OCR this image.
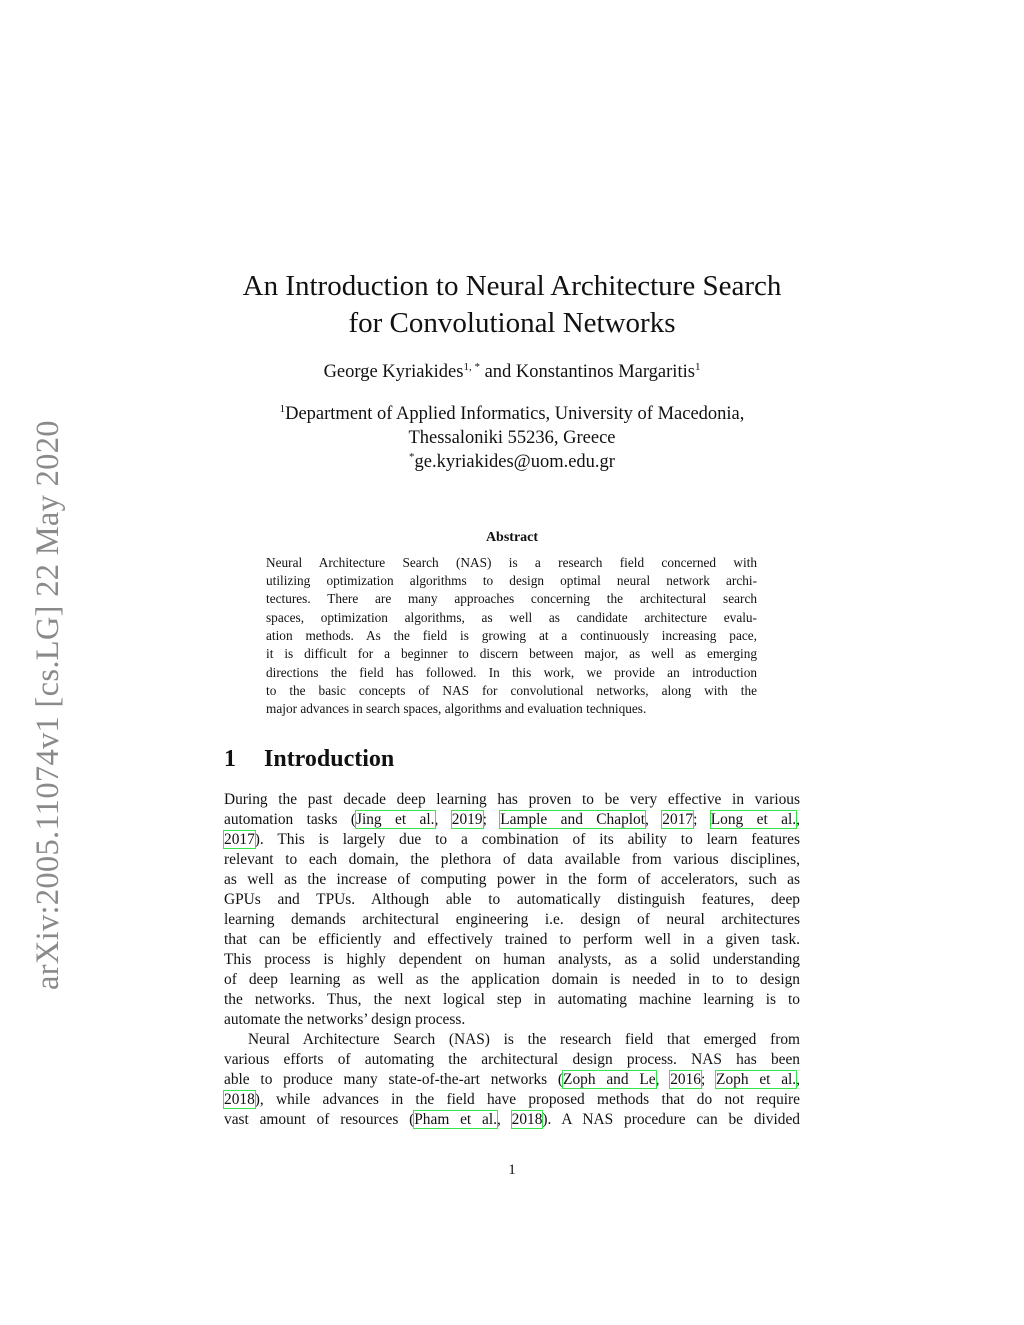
arXiv:2005.11074v1 [cs.LG] 22 May 2020
An Introduction to Neural Architecture Search
for Convolutional Networks
George Kyriakides$^{1, *}$ and Konstantinos Margaritis$^1$
$^1$Department of Applied Informatics, University of Macedonia,
Thessaloniki 55236, Greece
*ge.kyriakides@uom.edu.gr
Abstract
Neural Architecture Search (NAS) is a research field concerned with
utilizing optimization algorithms to design optimal neural network archi-
tectures. There are many approaches concerning the architectural search
spaces, optimization algorithms, as well as candidate architecture evalu-
ation methods. As the field is growing at a continuously increasing pace,
it is difficult for a beginner to discern between major, as well as emerging
directions the field has followed. In this work, we provide an introduction
to the basic concepts of NAS for convolutional networks, along with the
major advances in search spaces, algorithms and evaluation techniques.
1 Introduction
During the past decade deep learning has proven to be very effective in various
automation tasks (Jing et al., 2019; Lample and Chaplot, 2017; Long et al.,
2017). This is largely due to a combination of its ability to learn features
relevant to each domain, the plethora of data available from various disciplines,
as well as the increase of computing power in the form of accelerators, such as
GPUs and TPUs. Although able to automatically distinguish features, deep
learning demands architectural engineering i.e. design of neural architectures
that can be efficiently and effectively trained to perform well in a given task.
This process is highly dependent on human analysts, as a solid understanding
of deep learning as well as the application domain is needed in to to design
the networks. Thus, the next logical step in automating machine learning is to
automate the networks’ design process.
Neural Architecture Search (NAS) is the research field that emerged from
various efforts of automating the architectural design process. NAS has been
able to produce many state-of-the-art networks (Zoph and Le, 2016; Zoph et al.,
2018), while advances in the field have proposed methods that do not require
vast amount of resources (Pham et al., 2018). A NAS procedure can be divided
1
